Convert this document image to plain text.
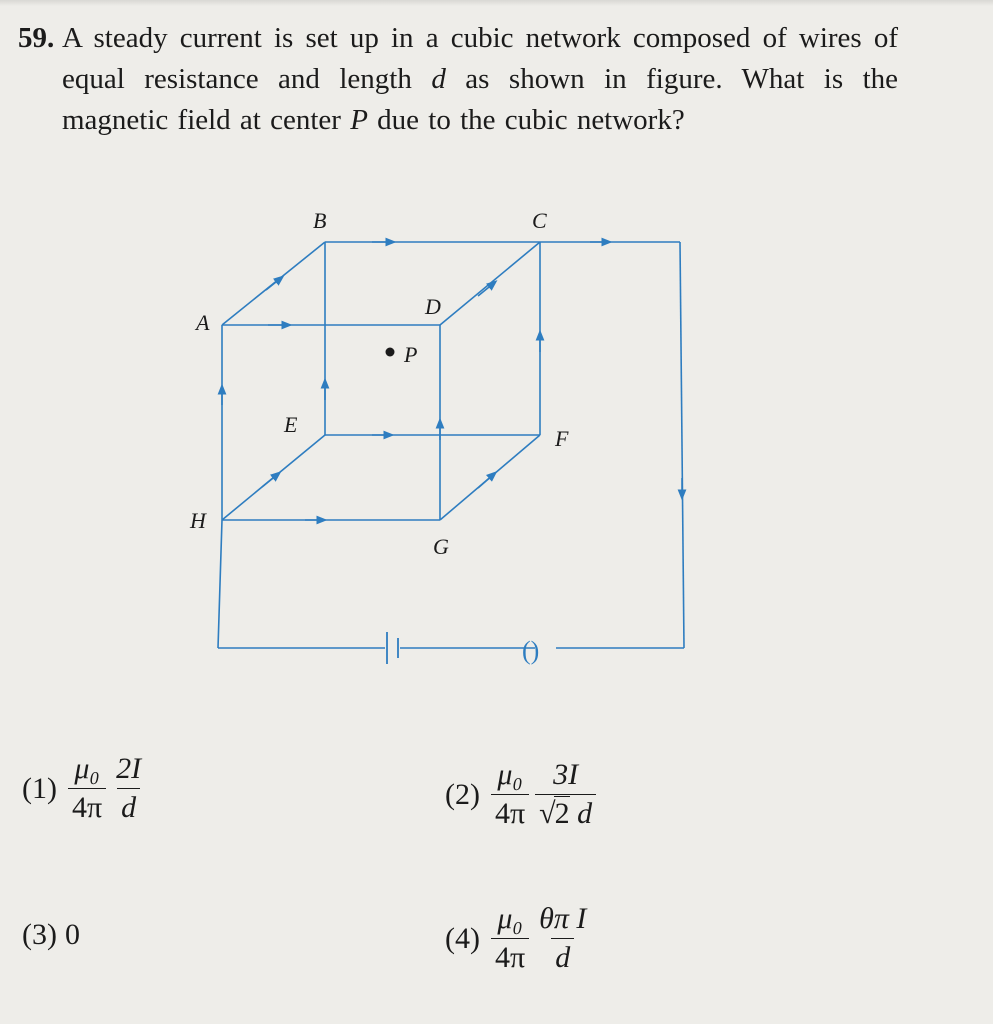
59. A steady current is set up in a cubic network composed of wires of equal resistance and length d as shown in figure. What is the magnetic field at center P due to the cubic network?
()
B	C
A
D
P
E
F
H
G
$(1) \frac{\text{μ₀}}{4\pi} \frac{2I}{d}$	$(2) \frac{\text{μ₀}}{4\pi} \frac{3I}{√2 d}$
(3) 0	$(4) \frac{\text{μ₀}}{4\pi} \frac{\text{θπ I}}{d}$
